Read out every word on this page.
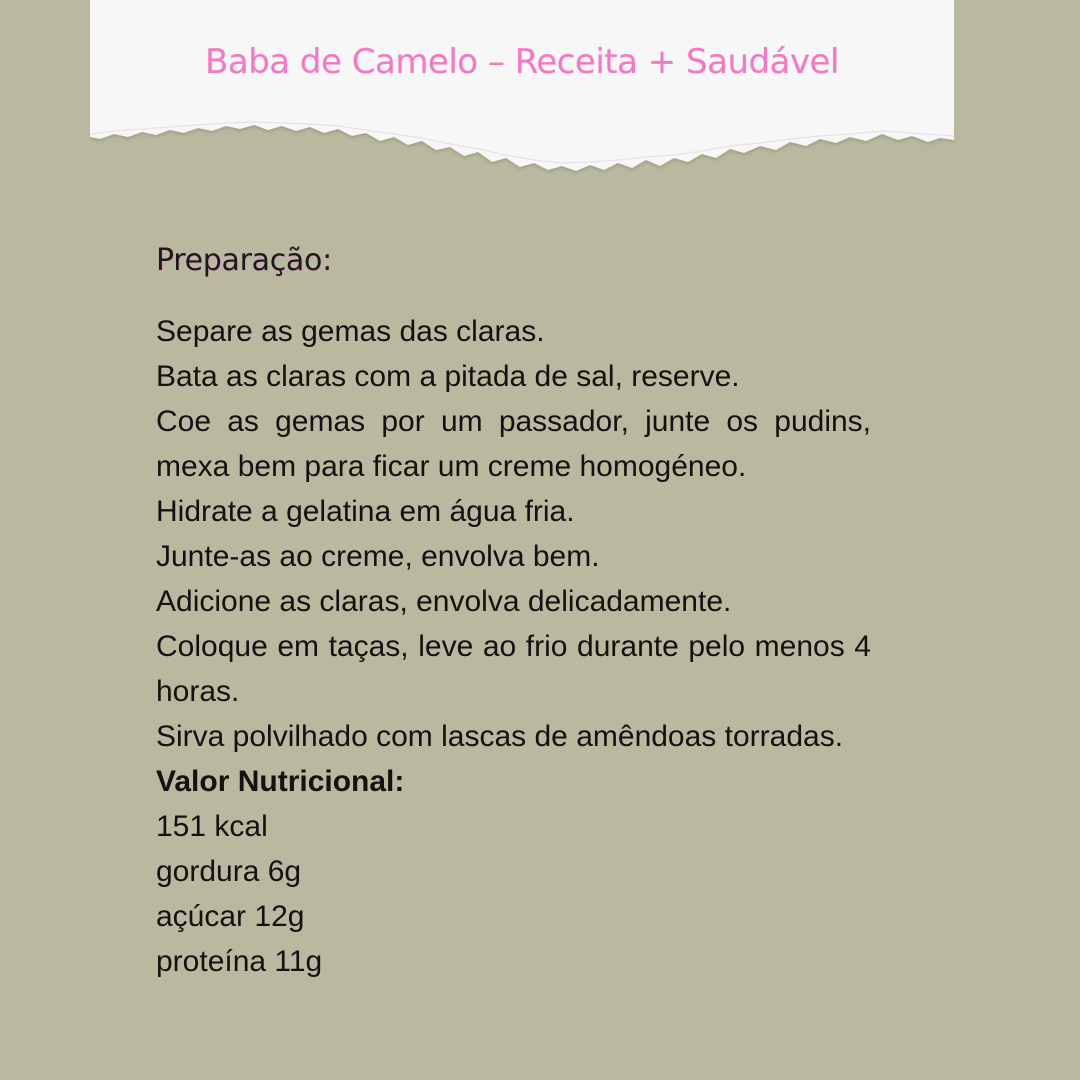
Baba de Camelo – Receita + Saudável
Preparação:

Separe as gemas das claras.

Bata as claras com a pitada de sal, reserve.

Coe as gemas por um passador, junte os pudins, mexa bem para ficar um creme homogéneo.

Hidrate a gelatina em água fria.

Junte-as ao creme, envolva bem.

Adicione as claras, envolva delicadamente.

Coloque em taças, leve ao frio durante pelo menos 4 horas.

Sirva polvilhado com lascas de amêndoas torradas.

Valor Nutricional:

151 kcal

gordura 6g

açúcar 12g

proteína 11g
